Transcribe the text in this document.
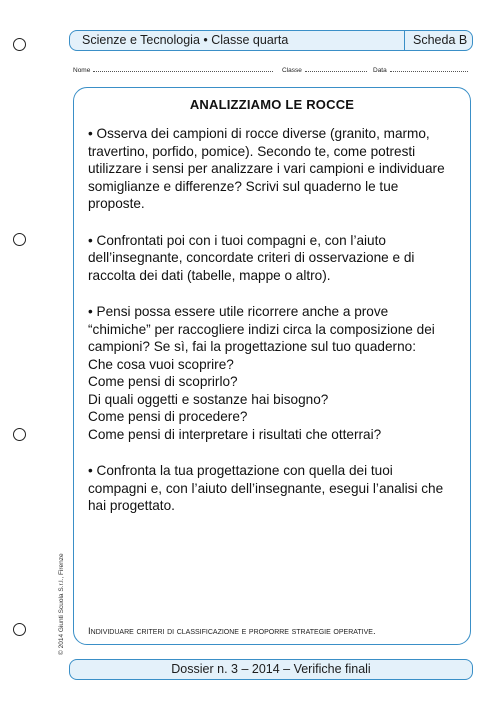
Scienze e Tecnologia • Classe quarta	Scheda B
Nome	Classe	Data
ANALIZZIAMO LE ROCCE

• Osserva dei campioni di rocce diverse (granito, marmo,
travertino, porfido, pomice). Secondo te, come potresti
utilizzare i sensi per analizzare i vari campioni e individuare
somiglianze e differenze? Scrivi sul quaderno le tue
proposte.

• Confrontati poi con i tuoi compagni e, con l’aiuto
dell’insegnante, concordate criteri di osservazione e di
raccolta dei dati (tabelle, mappe o altro).

• Pensi possa essere utile ricorrere anche a prove
“chimiche” per raccogliere indizi circa la composizione dei
campioni? Se sì, fai la progettazione sul tuo quaderno:
Che cosa vuoi scoprire?
Come pensi di scoprirlo?
Di quali oggetti e sostanze hai bisogno?
Come pensi di procedere?
Come pensi di interpretare i risultati che otterrai?

• Confronta la tua progettazione con quella dei tuoi
compagni e, con l’aiuto dell’insegnante, esegui l’analisi che
hai progettato.

Individuare criteri di classificazione e proporre strategie operative.
© 2014 Giunti Scuola S.r.l., Firenze
Dossier n. 3 – 2014 – Verifiche finali
